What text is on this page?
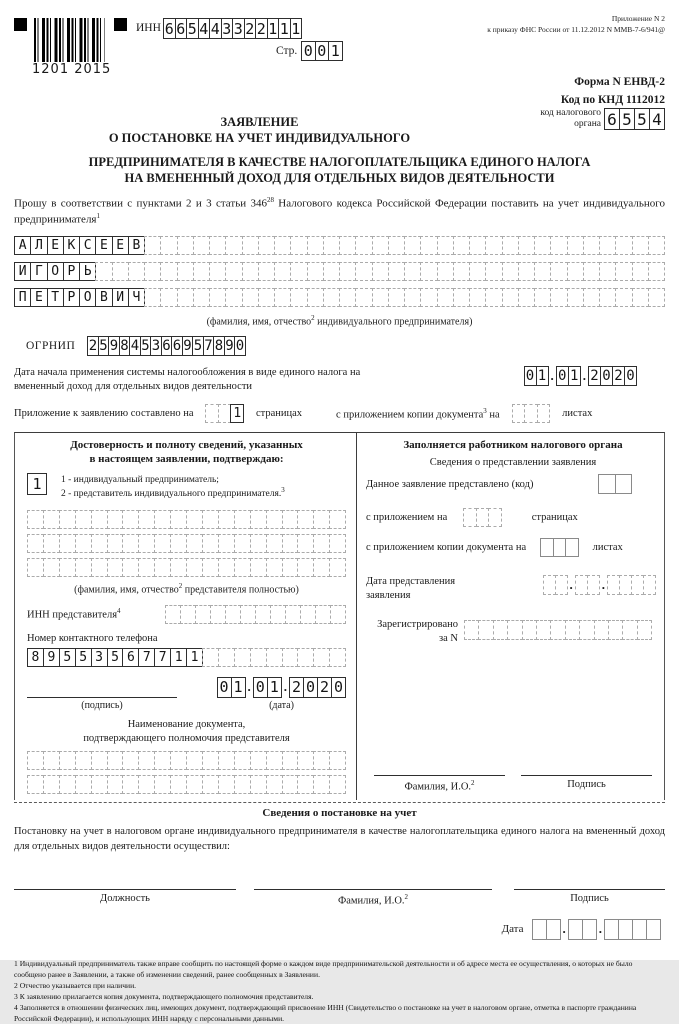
1201 2015
ИНН 6 6 5 4 4 3 3 2 2 1 1 1
Стр. 0 0 1
Приложение N 2
к приказу ФНС России от 11.12.2012 N ММВ-7-6/941@
Форма N ЕНВД-2
Код по КНД 1112012
код налогового
органа 6 5 5 4
ЗАЯВЛЕНИЕ
О ПОСТАНОВКЕ НА УЧЕТ ИНДИВИДУАЛЬНОГО
ПРЕДПРИНИМАТЕЛЯ В КАЧЕСТВЕ НАЛОГОПЛАТЕЛЬЩИКА ЕДИНОГО НАЛОГА
НА ВМЕНЕННЫЙ ДОХОД ДЛЯ ОТДЕЛЬНЫХ ВИДОВ ДЕЯТЕЛЬНОСТИ
Прошу в соответствии с пунктами 2 и 3 статьи $346^{28}$ Налогового кодекса Российской Федерации поставить на учет индивидуального предпринимателя$^1$
А Л Е К С Е Е В
И Г О Р Ь
П Е Т Р О В И Ч
(фамилия, имя, отчество$^2$ индивидуального предпринимателя)
ОГРНИП 2 5 9 8 4 5 3 6 6 9 5 7 8 9 0
Дата начала применения системы налогообложения в виде единого налога на
вмененный доход для отдельных видов деятельности
0 1 . 0 1 . 2 0 2 0
Приложение к заявлению составлено на	1 страницах	с приложением копии документа$^3$ на	листах
Достоверность и полноту сведений, указанных
в настоящем заявлении, подтверждаю:
1	1 - индивидуальный предприниматель;
2 - представитель индивидуального предпринимателя.$^3$
(фамилия, имя, отчество$^2$ представителя полностью)
ИНН представителя$^4$
Номер контактного телефона
8 9 5 5 3 5 6 7 7 1 1
0 1 . 0 1 . 2 0 2 0
(подпись)	(дата)
Наименование документа,
подтверждающего полномочия представителя
Заполняется работником налогового органа
Сведения о представлении заявления
Данное заявление представлено (код)
с приложением на	страницах
с приложением копии документа на	листах
Дата представления
заявления
. .
Зарегистрировано
за N
Фамилия, И.О.$^2$	Подпись
Сведения о постановке на учет
Постановку на учет в налоговом органе индивидуального предпринимателя в качестве налогоплательщика единого налога на вмененный доход для отдельных видов деятельности осуществил:
Должность	Фамилия, И.О.$^2$	Подпись
Дата	.	.

1 Индивидуальный предприниматель также вправе сообщить по настоящей форме о каждом виде предпринимательской деятельности и об адресе места ее осуществления, о которых не было сообщено ранее в Заявлении, а также об изменении сведений, ранее сообщенных в Заявлении.

2 Отчество указывается при наличии.

3 К заявлению прилагается копия документа, подтверждающего полномочия представителя.

4 Заполняется в отношении физических лиц, имеющих документ, подтверждающий присвоение ИНН (Свидетельство о постановке на учет в налоговом органе, отметка в паспорте гражданина Российской Федерации), и использующих ИНН наряду с персональными данными.
